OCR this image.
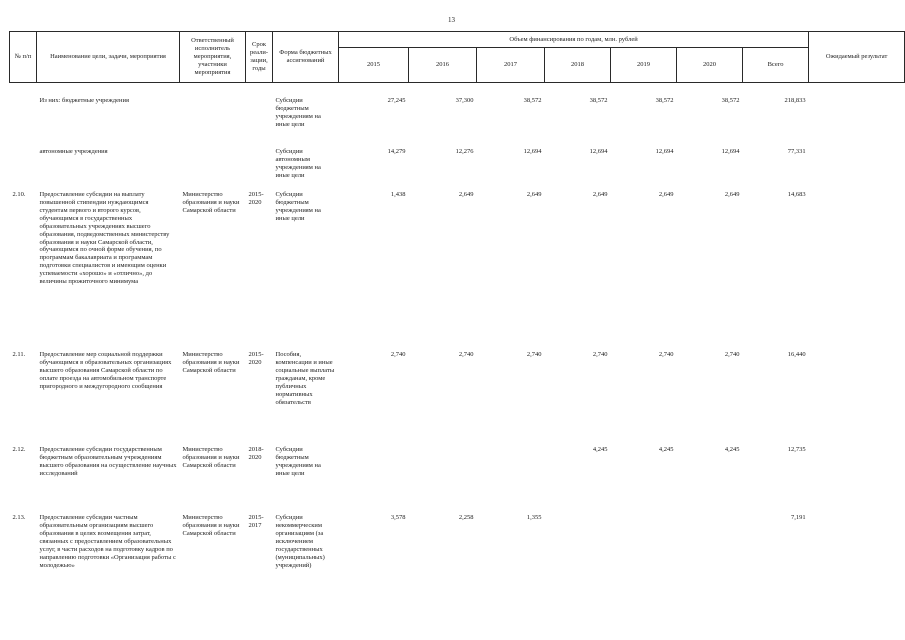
13
№ п/п	Наименование цели, задачи, мероприятия	Ответственный исполнитель мероприятия, участники мероприятия	Срок реали-зации, годы	Форма бюджетных ассигнований	Объем финансирования по годам, млн. рублей							Ожидаемый результат
					2015	2016	2017	2018	2019	2020	Всего	
	Из них: бюджетные учреждения			Субсидии бюджетным учреждениям на иные цели	27,245	37,300	38,572	38,572	38,572	38,572	218,833	
	автономные учреждения			Субсидии автономным учреждениям на иные цели	14,279	12,276	12,694	12,694	12,694	12,694	77,331	
2.10.	Предоставление субсидии на выплату повышенной стипендии нуждающимся студентам первого и второго курсов, обучающимся в государственных образовательных учреждениях высшего образования, подведомственных министерству образования и науки Самарской области, обучающимся по очной форме обучения, по программам бакалавриата и программам подготовки специалистов и имеющим оценки успеваемости «хорошо» и «отлично», до величины прожиточного минимума	Министерство образования и науки Самарской области	2015-2020	Субсидии бюджетным учреждениям на иные цели	1,438	2,649	2,649	2,649	2,649	2,649	14,683	
2.11.	Предоставление мер социальной поддержки обучающимся в образовательных организациях высшего образования Самарской области по оплате проезда на автомобильном транспорте пригородного и междугородного сообщения	Министерство образования и науки Самарской области	2015-2020	Пособия, компенсации и иные социальные выплаты гражданам, кроме публичных нормативных обязательств	2,740	2,740	2,740	2,740	2,740	2,740	16,440	
2.12.	Предоставление субсидии государственным бюджетным образовательным учреждениям высшего образования на осуществление научных исследований	Министерство образования и науки Самарской области	2018-2020	Субсидии бюджетным учреждениям на иные цели				4,245	4,245	4,245	12,735	
2.13.	Предоставление субсидии частным образовательным организациям высшего образования в целях возмещения затрат, связанных с предоставлением образовательных услуг, в части расходов на подготовку кадров по направлению подготовки «Организация работы с молодежью»	Министерство образования и науки Самарской области	2015-2017	Субсидии некоммерческим организациям (за исключением государственных (муниципальных) учреждений)	3,578	2,258	1,355				7,191	
